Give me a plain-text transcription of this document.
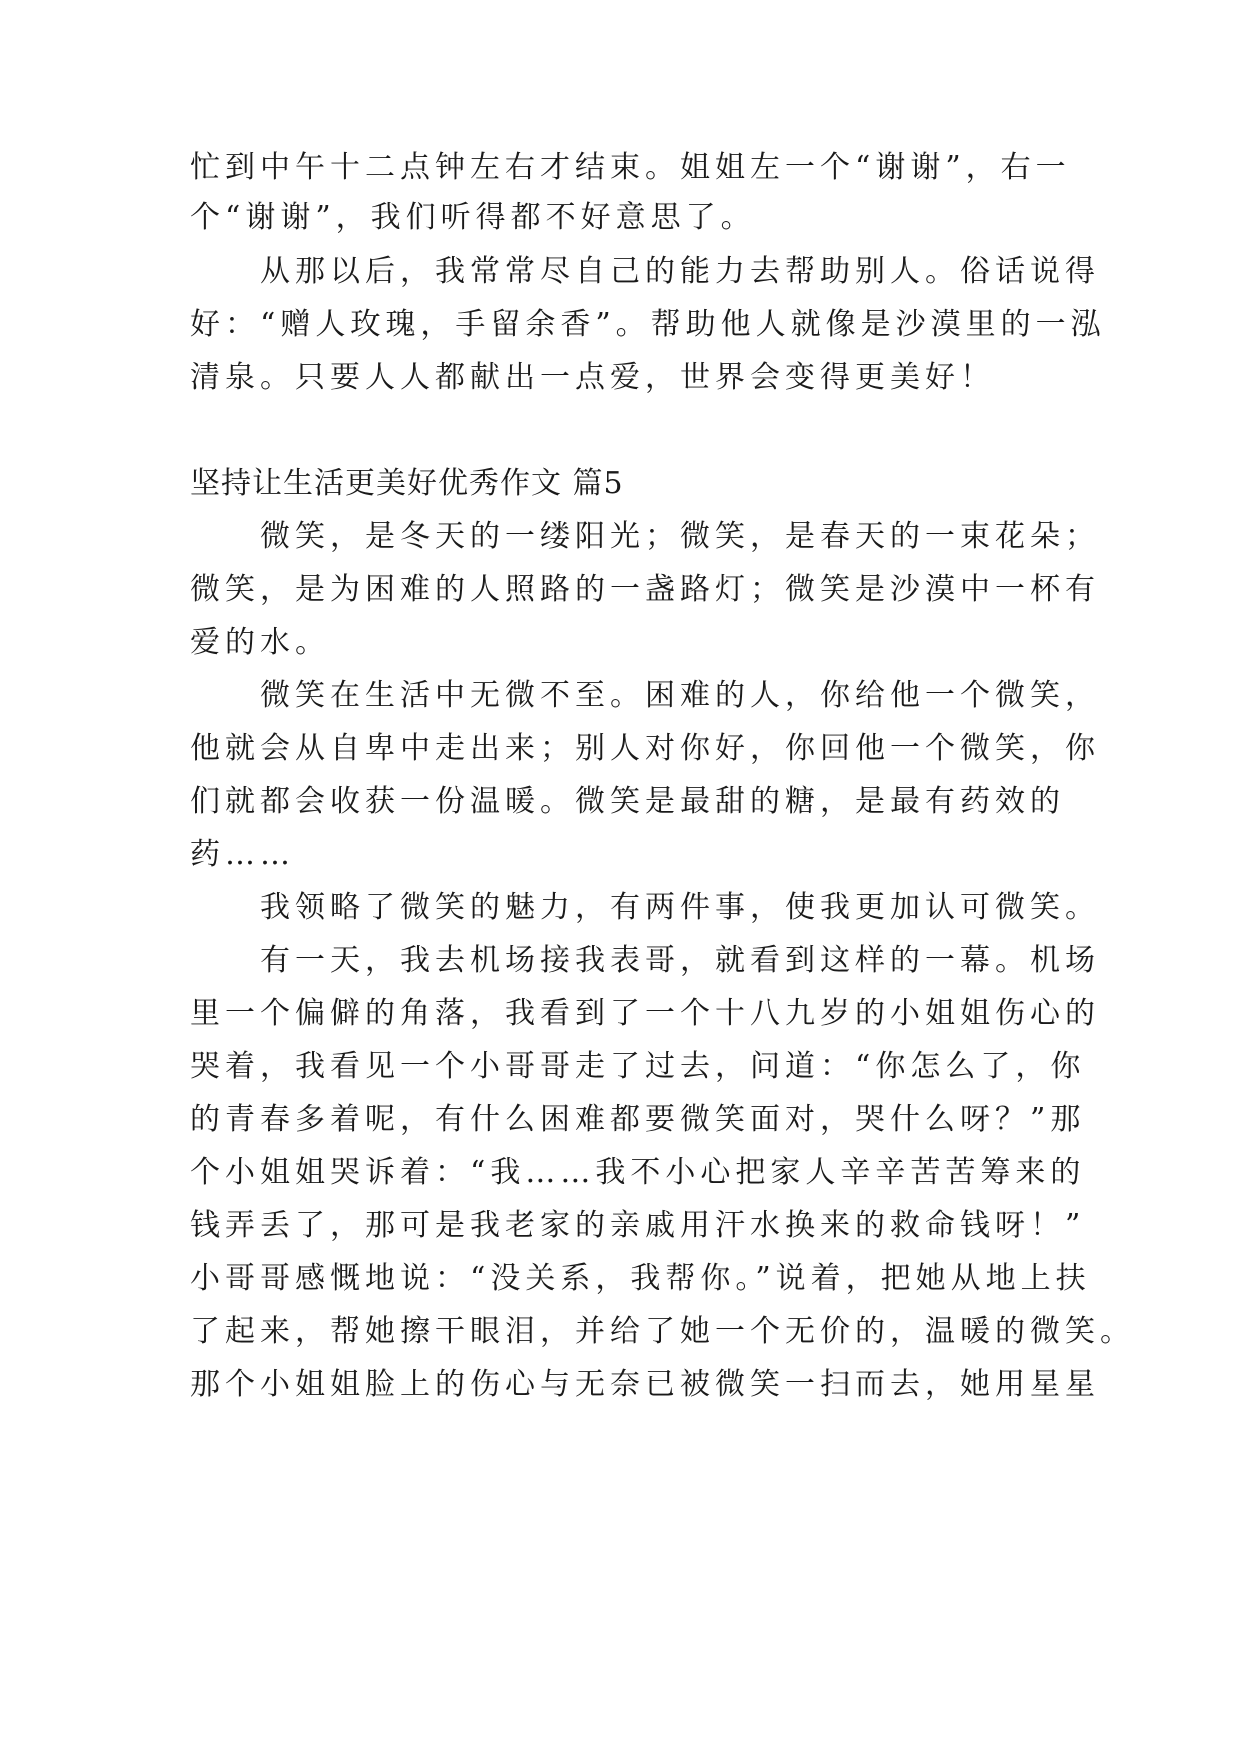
忙到中午十二点钟左右才结束。姐姐左一个“谢谢”，右一
个“谢谢”，我们听得都不好意思了。
　　从那以后，我常常尽自己的能力去帮助别人。俗话说得
好：“赠人玫瑰，手留余香”。帮助他人就像是沙漠里的一泓
清泉。只要人人都献出一点爱，世界会变得更美好！
坚持让生活更美好优秀作文 篇5
　　微笑，是冬天的一缕阳光；微笑，是春天的一束花朵；
微笑，是为困难的人照路的一盏路灯；微笑是沙漠中一杯有
爱的水。
　　微笑在生活中无微不至。困难的人，你给他一个微笑，
他就会从自卑中走出来；别人对你好，你回他一个微笑，你
们就都会收获一份温暖。微笑是最甜的糖，是最有药效的
药……
　　我领略了微笑的魅力，有两件事，使我更加认可微笑。
　　有一天，我去机场接我表哥，就看到这样的一幕。机场
里一个偏僻的角落，我看到了一个十八九岁的小姐姐伤心的
哭着，我看见一个小哥哥走了过去，问道：“你怎么了，你
的青春多着呢，有什么困难都要微笑面对，哭什么呀？”那
个小姐姐哭诉着：“我……我不小心把家人辛辛苦苦筹来的
钱弄丢了，那可是我老家的亲戚用汗水换来的救命钱呀！”
小哥哥感慨地说：“没关系，我帮你。”说着，把她从地上扶
了起来，帮她擦干眼泪，并给了她一个无价的，温暖的微笑。
那个小姐姐脸上的伤心与无奈已被微笑一扫而去，她用星星
